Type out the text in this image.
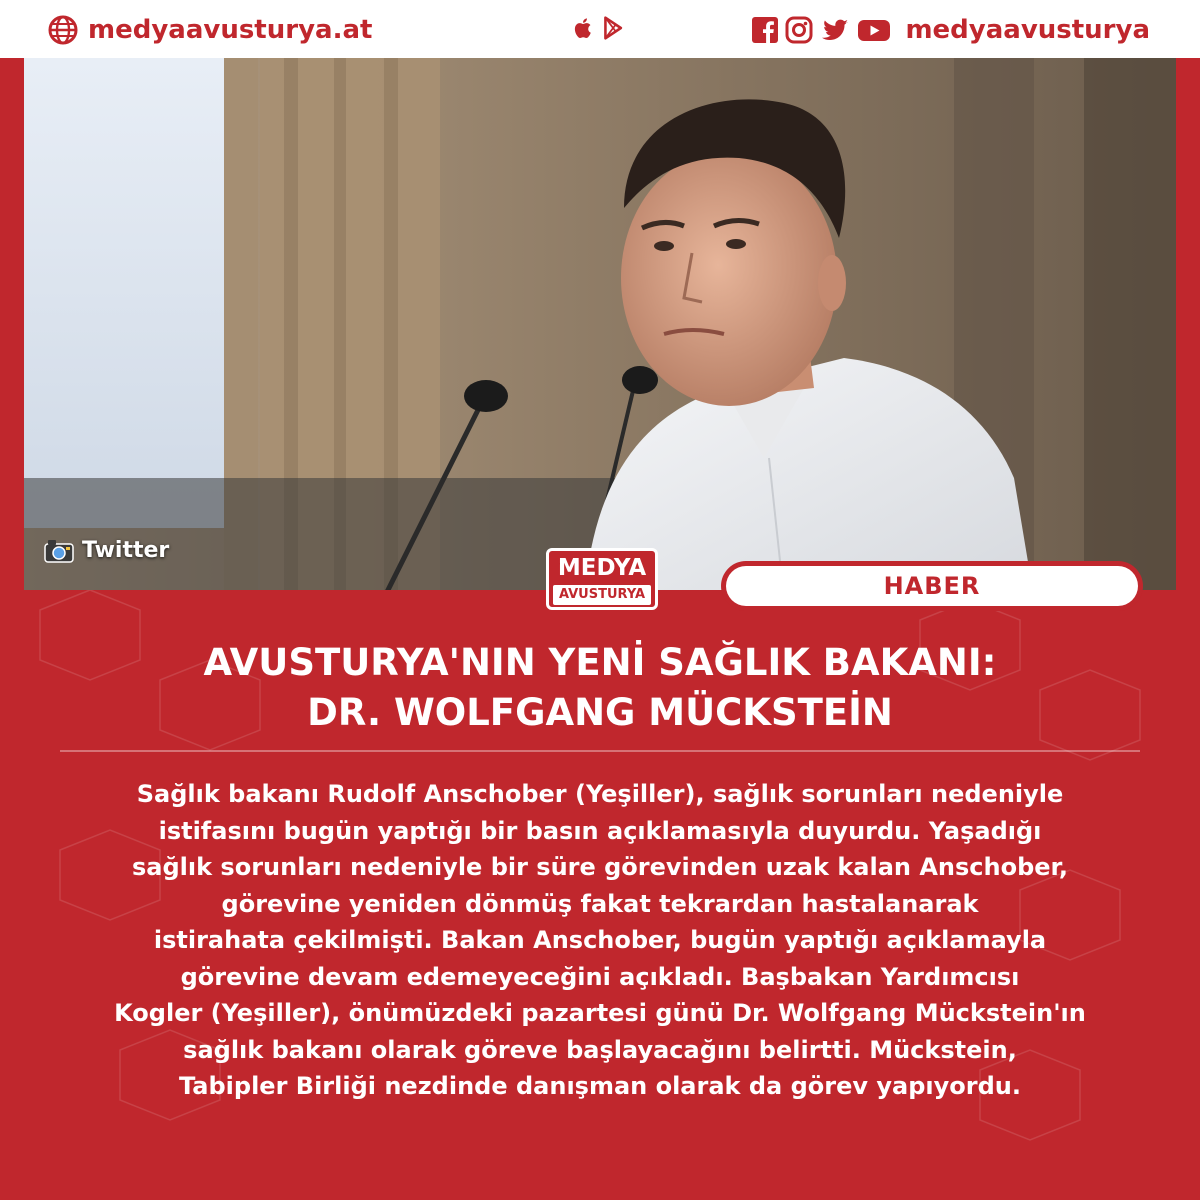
medyaavusturya.at	medyaavusturya
Twitter
MEDYA
AVUSTURYA	HABER
AVUSTURYA'NIN YENİ SAĞLIK BAKANI:
DR. WOLFGANG MÜCKSTEİN
Sağlık bakanı Rudolf Anschober (Yeşiller), sağlık sorunları nedeniyle
istifasını bugün yaptığı bir basın açıklamasıyla duyurdu. Yaşadığı
sağlık sorunları nedeniyle bir süre görevinden uzak kalan Anschober,
görevine yeniden dönmüş fakat tekrardan hastalanarak
istirahata çekilmişti. Bakan Anschober, bugün yaptığı açıklamayla
görevine devam edemeyeceğini açıkladı. Başbakan Yardımcısı
Kogler (Yeşiller), önümüzdeki pazartesi günü Dr. Wolfgang Mückstein'ın
sağlık bakanı olarak göreve başlayacağını belirtti. Mückstein,
Tabipler Birliği nezdinde danışman olarak da görev yapıyordu.
